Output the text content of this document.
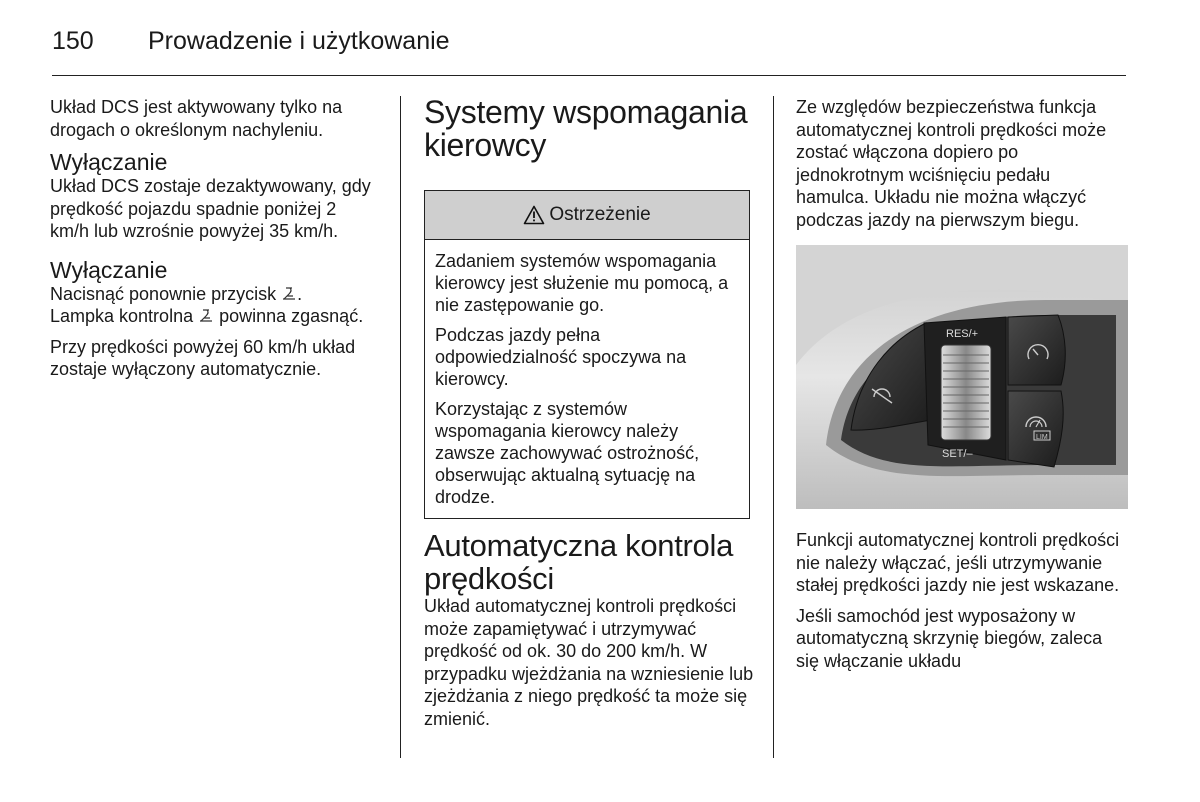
150 Prowadzenie i użytkowanie

Układ DCS jest aktywowany tylko na drogach o określonym nachyleniu.

Wyłączanie

Układ DCS zostaje dezaktywowany, gdy prędkość pojazdu spadnie poniżej 2 km/h lub wzrośnie powyżej 35 km/h.

Wyłączanie

Nacisnąć ponownie przycisk .
Lampka kontrolna  powinna zgasnąć.

Przy prędkości powyżej 60 km/h układ zostaje wyłączony automatycznie.

Systemy wspomagania kierowcy
Ostrzeżenie

Zadaniem systemów wspomagania kierowcy jest służenie mu pomocą, a nie zastępowanie go.

Podczas jazdy pełna odpowiedzialność spoczywa na kierowcy.

Korzystając z systemów wspomagania kierowcy należy zawsze zachowywać ostrożność, obserwując aktualną sytuację na drodze.

Automatyczna kontrola prędkości

Układ automatycznej kontroli prędkości może zapamiętywać i utrzymywać prędkość od ok. 30 do 200 km/h. W przypadku wjeżdżania na wzniesienie lub zjeżdżania z niego prędkość ta może się zmienić.

Ze względów bezpieczeństwa funkcja automatycznej kontroli prędkości może zostać włączona dopiero po jednokrotnym wciśnięciu pedału hamulca. Układu nie można włączyć podczas jazdy na pierwszym biegu.

RES/+
SET/–
LIM

Funkcji automatycznej kontroli prędkości nie należy włączać, jeśli utrzymywanie stałej prędkości jazdy nie jest wskazane.

Jeśli samochód jest wyposażony w automatyczną skrzynię biegów, zaleca się włączanie układu
